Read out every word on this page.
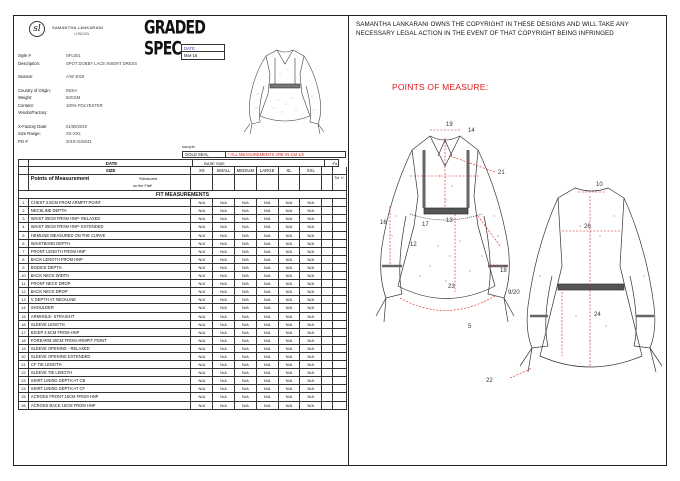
sl	SAMANTHA LANKARANI
LONDON	GRADED SPEC
Style #	SFL001
Description:	SPOT DOBBY LACE INSERT DRESS
Season:	A/W 2019
Country of Origin:	INDIA
Weight:	50GSM
Content:	100% POLYESTER
Vendor/Factory:
X-Factory Date:	01/09/2019
Size Range:	XS-XXL
PO #:	2019 01/6041
DATE
Mar-16
sample
GOLD SEAL	* ALL MEASUREMENTS ARE IN CM 1/2
DATE	BASE SIZE	Fit
SIZE	XS	SMALL	MEDIUM	LARGE	XL	XXL
Points of Measurement	*Measured
on the Flat*
Tol +/-
FIT MEASUREMENTS
1	CHEST 2.5CM FROM ARMPIT POINT	N/A	N/A	N/A	N/A	N/A	N/A
2	NECKLINE DEPTH	N/A	N/A	N/A	N/A	N/A	N/A
3	WAIST 35CM FROM HNP- RELAXED	N/A	N/A	N/A	N/A	N/A	N/A
4	WAIST 35CM FROM HNP- EXTENDED	N/A	N/A	N/A	N/A	N/A	N/A
5	HEMLINE MEASURED ON THE CURVE	N/A	N/A	N/A	N/A	N/A	N/A
6	WAISTBAND DEPTH	N/A	N/A	N/A	N/A	N/A	N/A
7	FRONT LENGTH FROM HNP	N/A	N/A	N/A	N/A	N/A	N/A
8	BACK LENGTH FROM HNP	N/A	N/A	N/A	N/A	N/A	N/A
9	BODICE DEPTH	N/A	N/A	N/A	N/A	N/A	N/A
10	BACK NECK WIDTH	N/A	N/A	N/A	N/A	N/A	N/A
11	FRONT NECK DROP	N/A	N/A	N/A	N/A	N/A	N/A
12	BACK NECK DROP	N/A	N/A	N/A	N/A	N/A	N/A
13	V DEPTH AT NECKLINE	N/A	N/A	N/A	N/A	N/A	N/A
14	SHOULDER	N/A	N/A	N/A	N/A	N/A	N/A
15	ARMHOLE- STRAIGHT	N/A	N/A	N/A	N/A	N/A	N/A
16	SLEEVE LENGTH	N/A	N/A	N/A	N/A	N/A	N/A
17	BICEP 2.5CM FROM HNP	N/A	N/A	N/A	N/A	N/A	N/A
18	FOREARM 30CM FROM ARMPIT POINT	N/A	N/A	N/A	N/A	N/A	N/A
19	SLEEVE OPENING - RELAXED	N/A	N/A	N/A	N/A	N/A	N/A
20	SLEEVE OPENING EXTENDED	N/A	N/A	N/A	N/A	N/A	N/A
21	CF TIE LENGTH	N/A	N/A	N/A	N/A	N/A	N/A
22	SLEEVE TIE LENGTH	N/A	N/A	N/A	N/A	N/A	N/A
23	SKIRT LINING DEPTH AT CB	N/A	N/A	N/A	N/A	N/A	N/A
24	SKIRT LINING DEPTH AT CF	N/A	N/A	N/A	N/A	N/A	N/A
25	ACROSS FRONT 15CM FROM HNP	N/A	N/A	N/A	N/A	N/A	N/A
26	ACROSS BACK 15CM FROM HNP	N/A	N/A	N/A	N/A	N/A	N/A
SAMANTHA LANKARANI OWNS THE COPYRIGHT IN THESE DESIGNS AND WILL TAKE ANY NECESSARY LEGAL ACTION IN THE EVENT OF THAT COPYRIGHT BEING INFRINGED
POINTS OF MEASURE:
19
14
21
16	13
12
17
23
18
9/20
5
10
26
24
22
